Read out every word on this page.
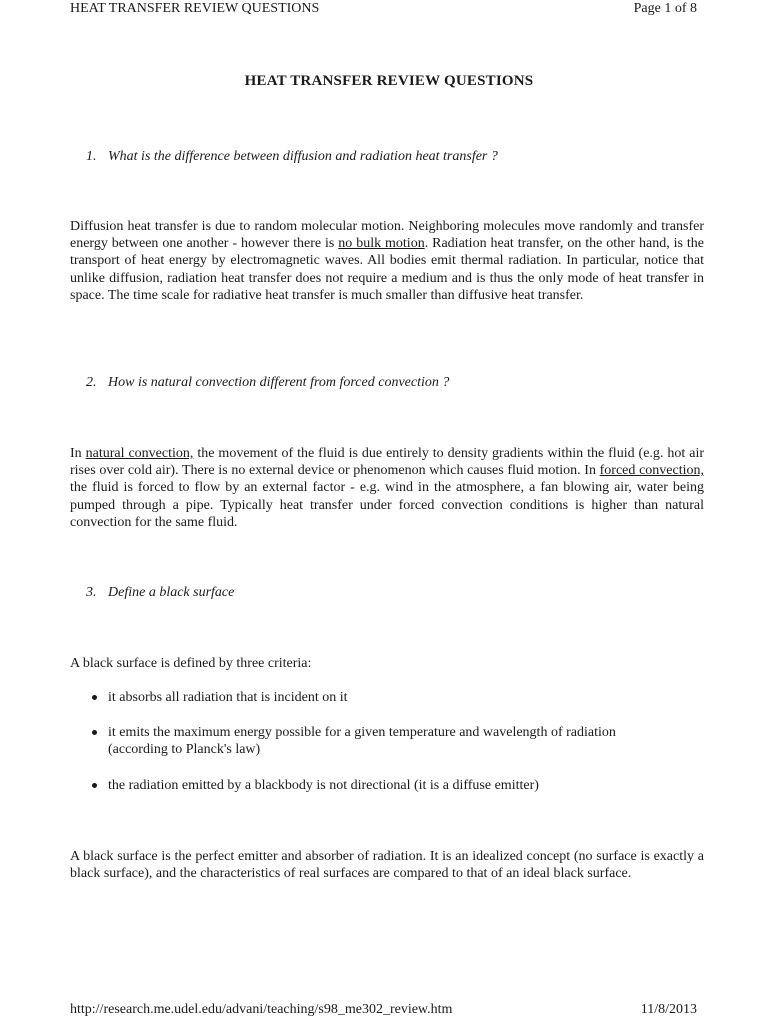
HEAT TRANSFER REVIEW QUESTIONS	Page 1 of 8
HEAT TRANSFER REVIEW QUESTIONS
1. What is the difference between diffusion and radiation heat transfer ?
Diffusion heat transfer is due to random molecular motion. Neighboring molecules move randomly and transfer energy between one another - however there is no bulk motion. Radiation heat transfer, on the other hand, is the transport of heat energy by electromagnetic waves. All bodies emit thermal radiation. In particular, notice that unlike diffusion, radiation heat transfer does not require a medium and is thus the only mode of heat transfer in space. The time scale for radiative heat transfer is much smaller than diffusive heat transfer.
2. How is natural convection different from forced convection ?
In natural convection, the movement of the fluid is due entirely to density gradients within the fluid (e.g. hot air rises over cold air). There is no external device or phenomenon which causes fluid motion. In forced convection, the fluid is forced to flow by an external factor - e.g. wind in the atmosphere, a fan blowing air, water being pumped through a pipe. Typically heat transfer under forced convection conditions is higher than natural convection for the same fluid.
3. Define a black surface
A black surface is defined by three criteria:
it absorbs all radiation that is incident on it
it emits the maximum energy possible for a given temperature and wavelength of radiation (according to Planck's law)
the radiation emitted by a blackbody is not directional (it is a diffuse emitter)
A black surface is the perfect emitter and absorber of radiation. It is an idealized concept (no surface is exactly a black surface), and the characteristics of real surfaces are compared to that of an ideal black surface.
http://research.me.udel.edu/advani/teaching/s98_me302_review.htm	11/8/2013
